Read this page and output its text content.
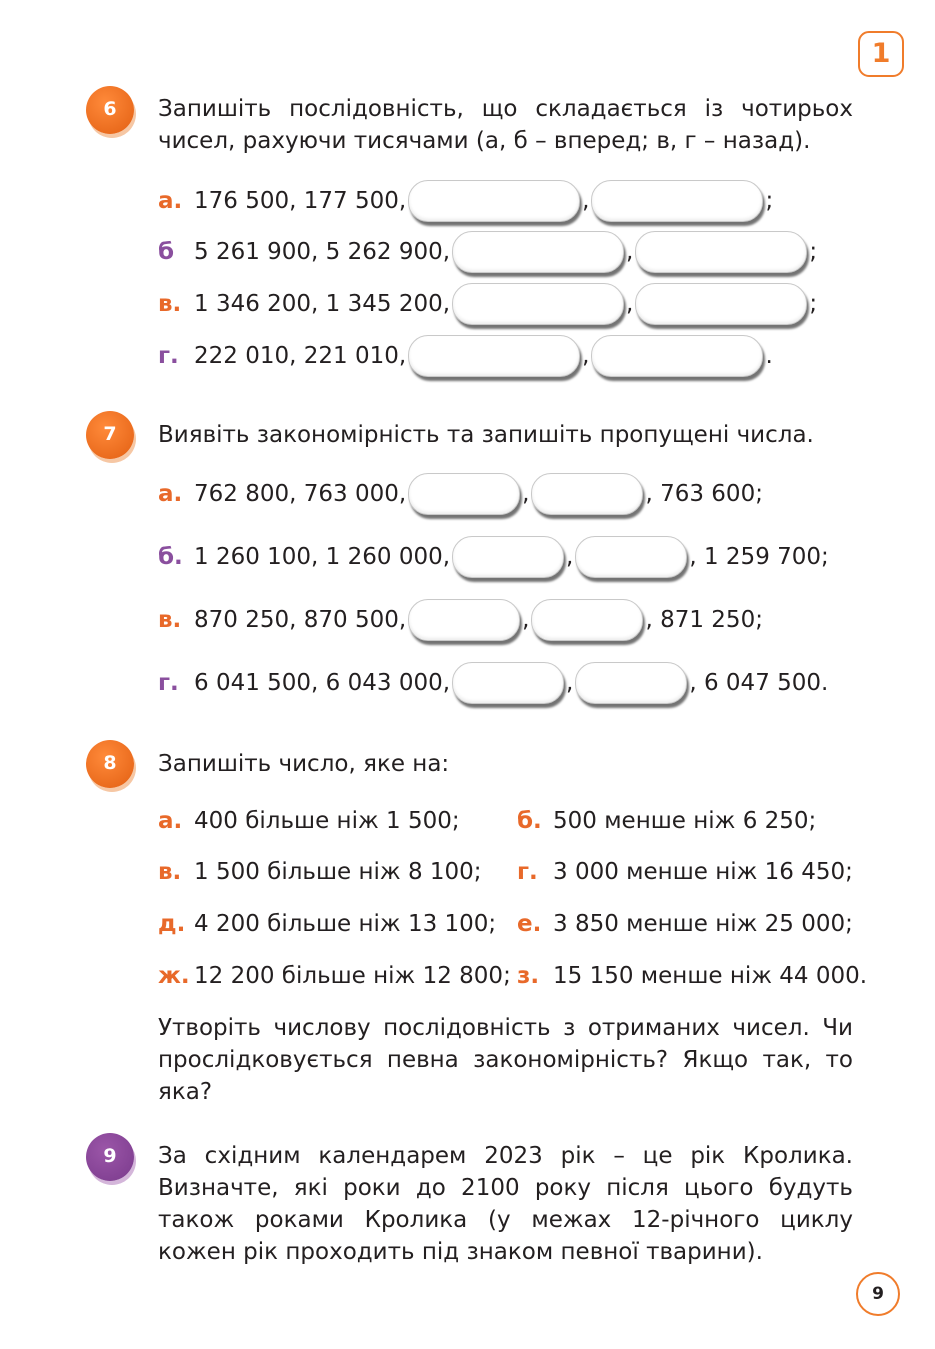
1
6	Запишіть послідовність, що складається із чотирьох чисел, рахуючи тисячами (а, б – вперед; в, г – назад).
а. 176 500, 177 500,	,	;
б 5 261 900, 5 262 900,	,	;
в. 1 346 200, 1 345 200,	,	;
г. 222 010, 221 010,	,	.
7	Виявіть закономірність та запишіть пропущені числа.
а. 762 800, 763 000,	,	, 763 600;
б. 1 260 100, 1 260 000,	,	, 1 259 700;
в. 870 250, 870 500,	,	, 871 250;
г. 6 041 500, 6 043 000,	,	, 6 047 500.
8	Запишіть число, яке на:
а. 400 більше ніж 1 500;
в. 1 500 більше ніж 8 100;
д. 4 200 більше ніж 13 100;
ж. 12 200 більше ніж 12 800;
б. 500 менше ніж 6 250;
г. 3 000 менше ніж 16 450;
е. 3 850 менше ніж 25 000;
з. 15 150 менше ніж 44 000.
Утворіть числову послідовність з отриманих чисел. Чи прослідковується певна закономірність? Якщо так, то яка?
9	За східним календарем 2023 рік – це рік Кролика. Визначте, які роки до 2100 року після цього будуть також роками Кролика (у межах 12-річного циклу кожен рік проходить під знаком певної тварини).
9
